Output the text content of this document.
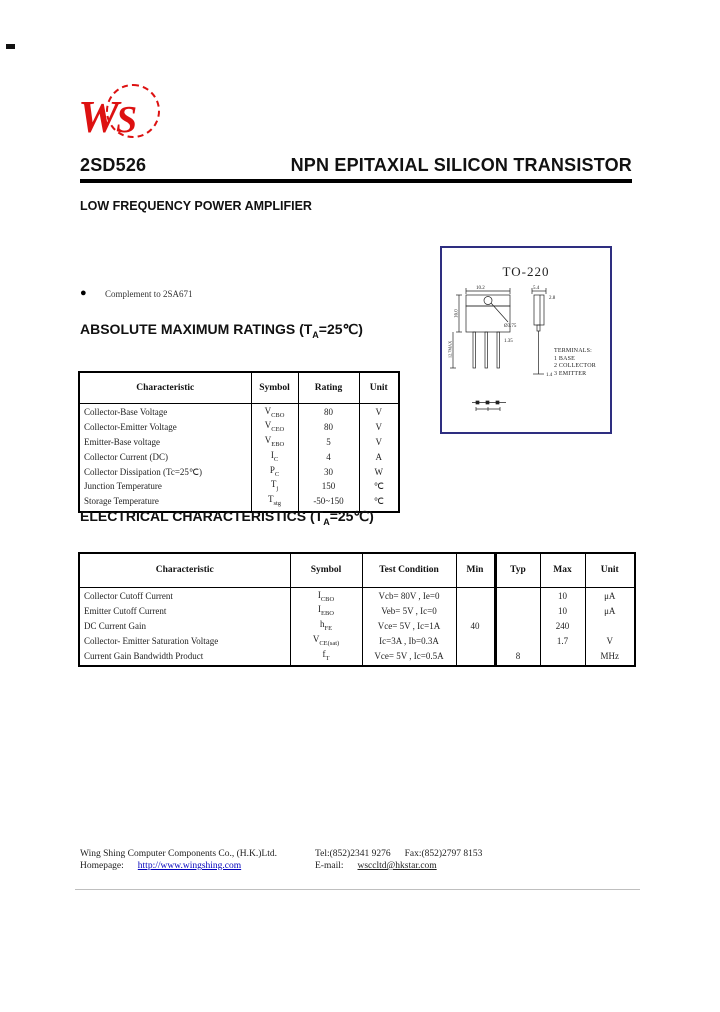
W
S
2SD526	NPN EPITAXIAL SILICON TRANSISTOR
LOW FREQUENCY POWER AMPLIFIER
● Complement to 2SA671
ABSOLUTE MAXIMUM RATINGS $(T_A=25℃)$
Characteristic	Symbol	Rating	Unit
Collector-Base Voltage	$V_{CBO}$	80	V
Collector-Emitter Voltage	$V_{CEO}$	80	V
Emitter-Base voltage	$V_{EBO}$	5	V
Collector Current (DC)	$I_C$	4	A
Collector Dissipation (Tc=25℃)	$P_C$	30	W
Junction Temperature	$T_j$	150	℃
Storage Temperature	$T_{stg}$	-50~150	℃
TO-220
10.2
Ø3.75
1.35
16.0
12.7MAX
5.4
2.8
1.4
TERMINALS:
1 BASE
2 COLLECTOR
3 EMITTER
ELECTRICAL CHARACTERISTICS $(T_A=25℃)$
Characteristic	Symbol	Test Condition	Min	Typ	Max	Unit
Collector Cutoff Current	$I_{CBO}$	Vcb= 80V , Ie=0			10	μA
Emitter Cutoff Current	$I_{EBO}$	Veb= 5V , Ic=0			10	μA
DC Current Gain	$h_{FE}$	Vce= 5V , Ic=1A	40		240	
Collector- Emitter Saturation Voltage	$V_{CE(sat)}$	Ic=3A , Ib=0.3A			1.7	V
Current Gain Bandwidth Product	$f_T$	Vce= 5V , Ic=0.5A		8		MHz
Wing Shing Computer Components Co., (H.K.)Ltd.
Homepage: http://www.wingshing.com
Tel:(852)2341 9276 Fax:(852)2797 8153
E-mail: wsccltd@hkstar.com
